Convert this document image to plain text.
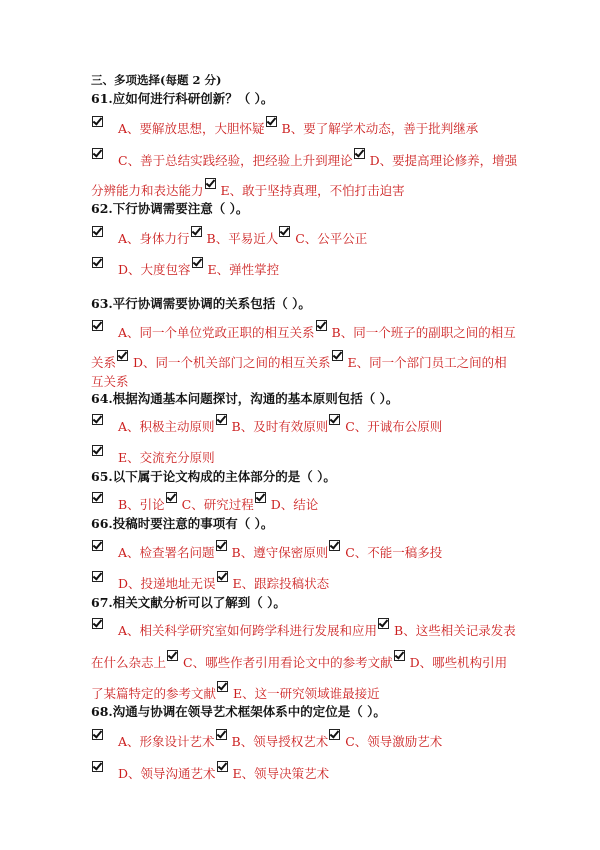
三、多项选择(每题 2 分)
61.应如何进行科研创新？（ ）。
A、要解放思想，大胆怀疑 B、要了解学术动态，善于批判继承
C、善于总结实践经验，把经验上升到理论 D、要提高理论修养，增强
分辨能力和表达能力 E、敢于坚持真理，不怕打击迫害
62.下行协调需要注意（ ）。
A、身体力行 B、平易近人 C、公平公正
D、大度包容 E、弹性掌控
63.平行协调需要协调的关系包括（ ）。
A、同一个单位党政正职的相互关系 B、同一个班子的副职之间的相互
关系 D、同一个机关部门之间的相互关系 E、同一个部门员工之间的相
互关系
64.根据沟通基本问题探讨，沟通的基本原则包括（ ）。
A、积极主动原则 B、及时有效原则 C、开诚布公原则
E、交流充分原则
65.以下属于论文构成的主体部分的是（ ）。
B、引论 C、研究过程 D、结论
66.投稿时要注意的事项有（ ）。
A、检查署名问题 B、遵守保密原则 C、不能一稿多投
D、投递地址无误 E、跟踪投稿状态
67.相关文献分析可以了解到（ ）。
A、相关科学研究室如何跨学科进行发展和应用 B、这些相关记录发表
在什么杂志上 C、哪些作者引用看论文中的参考文献 D、哪些机构引用
了某篇特定的参考文献 E、这一研究领域谁最接近
68.沟通与协调在领导艺术框架体系中的定位是（ ）。
A、形象设计艺术 B、领导授权艺术 C、领导激励艺术
D、领导沟通艺术 E、领导决策艺术
